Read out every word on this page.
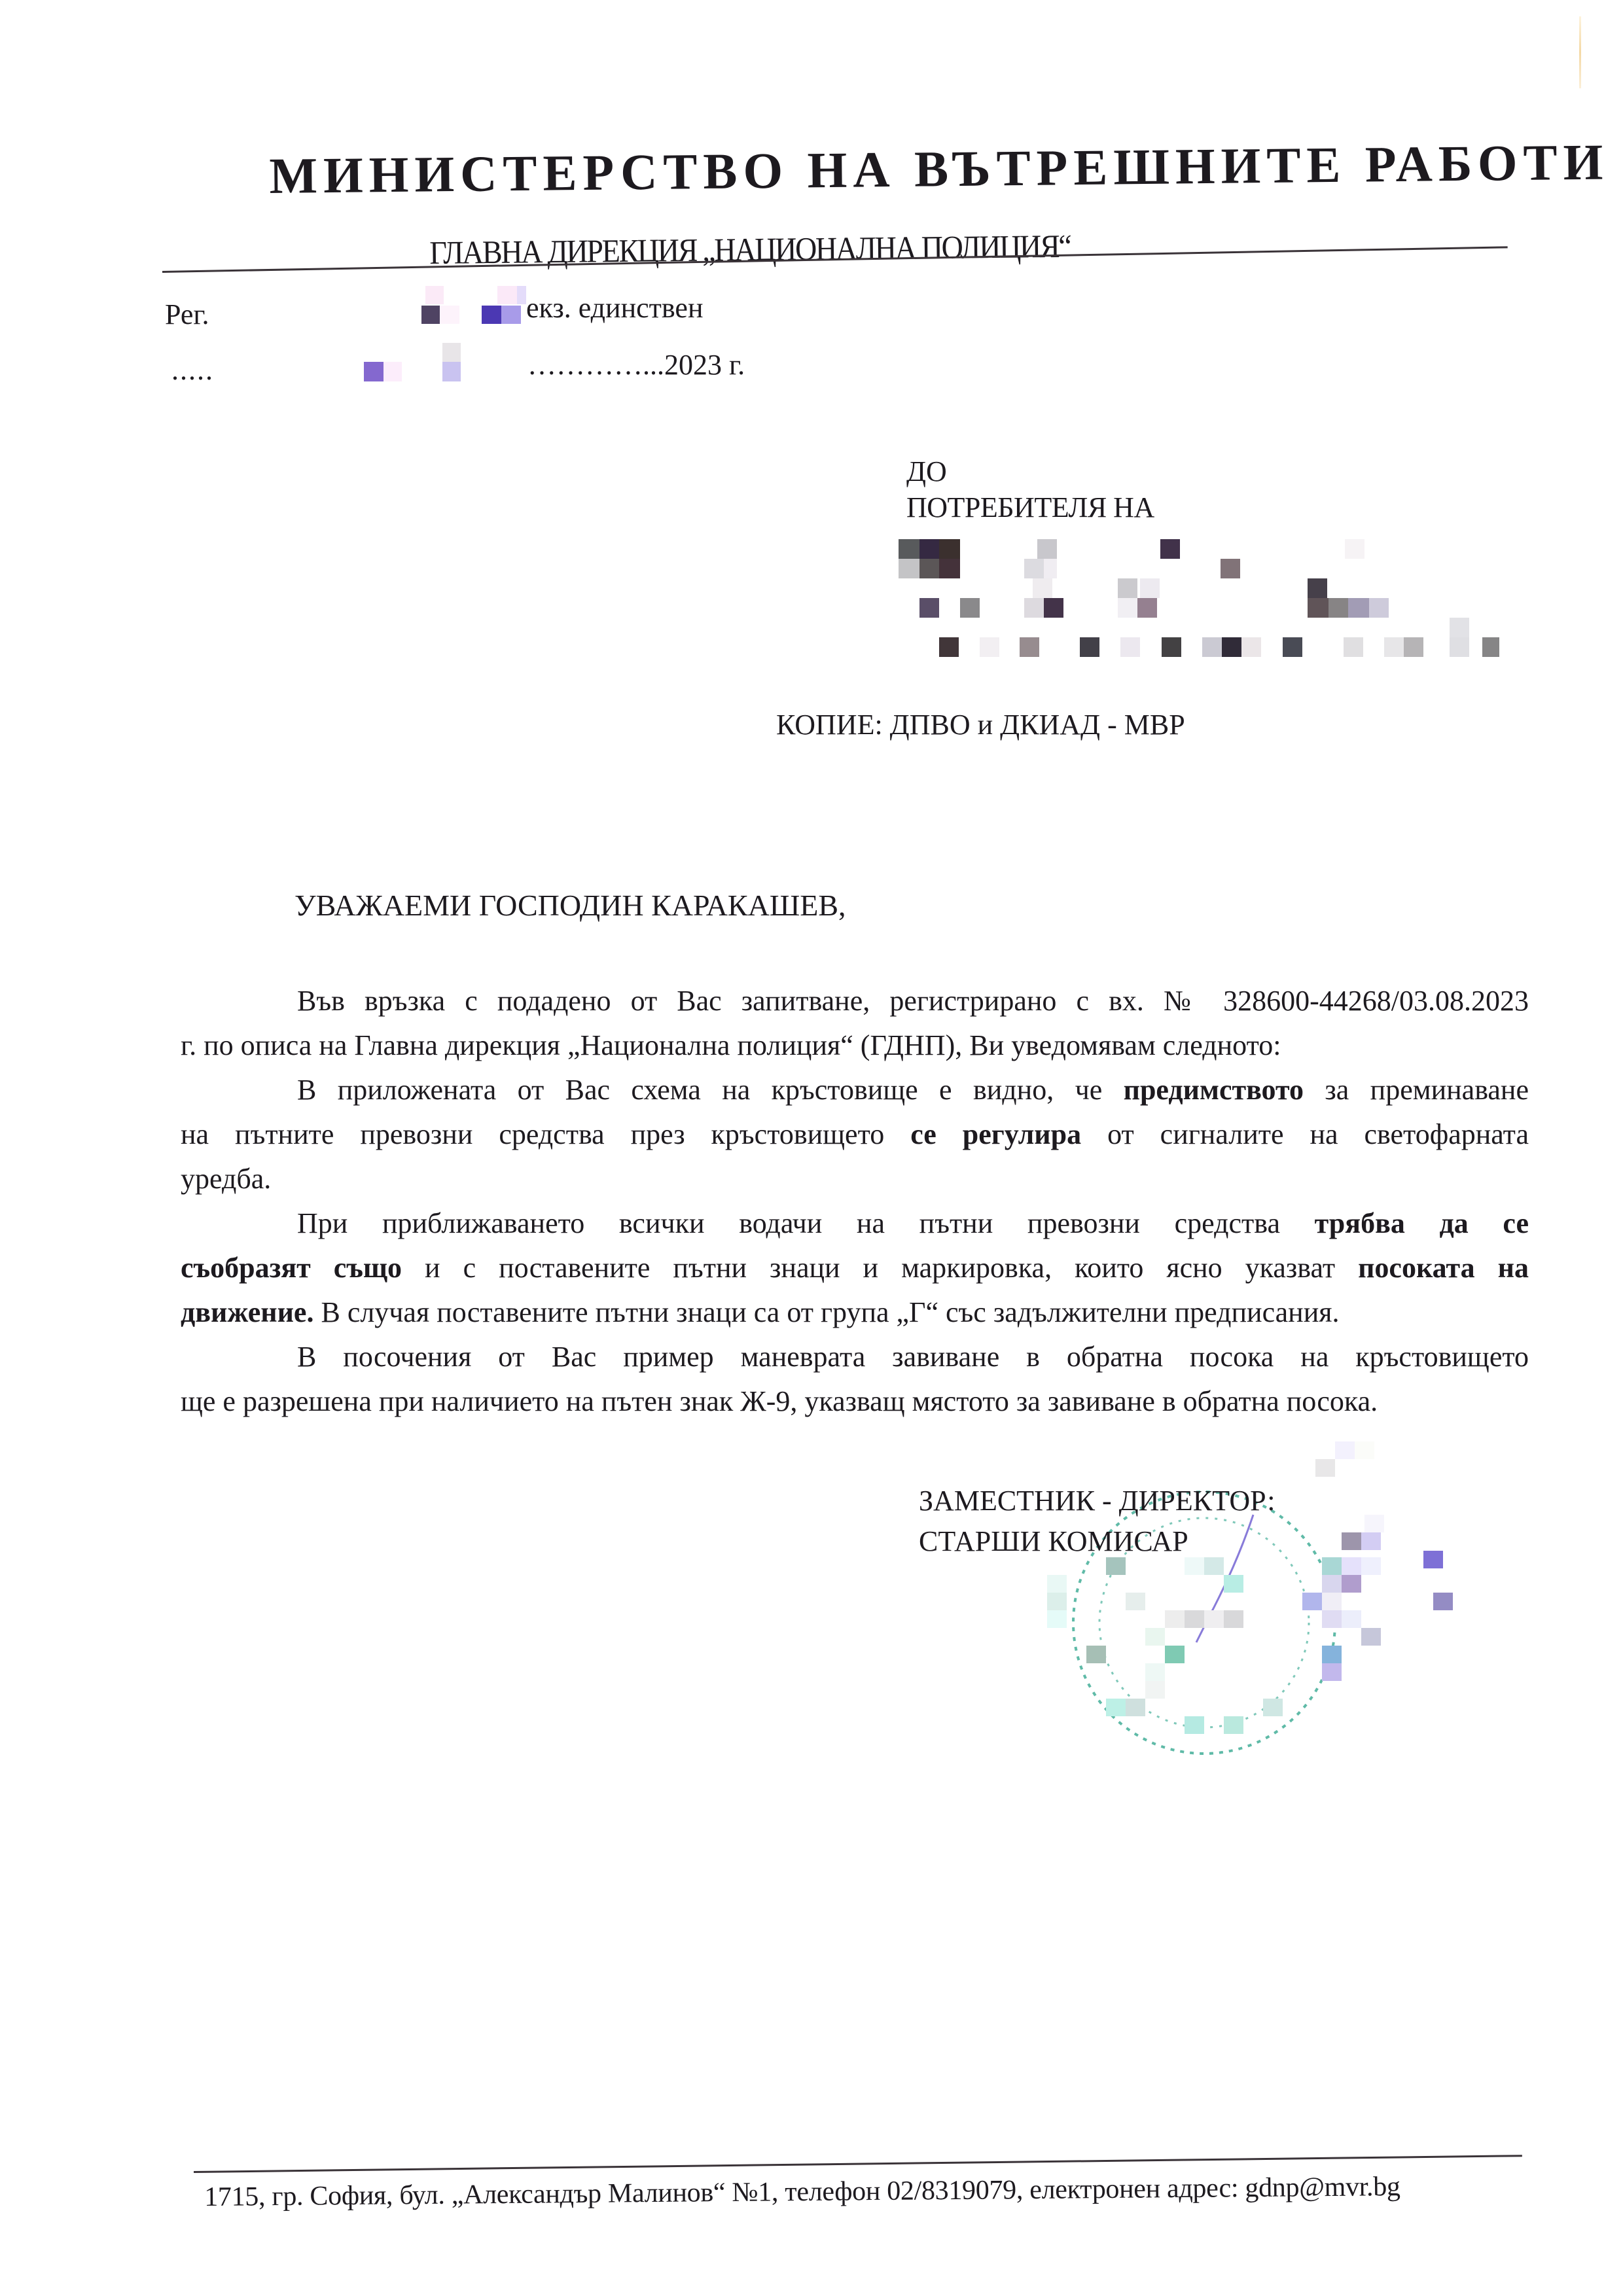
МИНИСТЕРСТВО НА ВЪТРЕШНИТЕ РАБОТИ
ГЛАВНА ДИРЕКЦИЯ „НАЦИОНАЛНА ПОЛИЦИЯ“
Рег.	екз. единствен
.....	…………...2023 г.
ДО
ПОТРЕБИТЕЛЯ НА
КОПИЕ: ДПВО и ДКИАД - МВР
УВАЖАЕМИ ГОСПОДИН КАРАКАШЕВ,
Във връзка с подадено от Вас запитване, регистрирано с вх. № 328600-44268/03.08.2023
г. по описа на Главна дирекция „Национална полиция“ (ГДНП), Ви уведомявам следното:
В приложената от Вас схема на кръстовище е видно, че предимството за преминаване
на пътните превозни средства през кръстовището се регулира от сигналите на светофарната
уредба.
При приближаването всички водачи на пътни превозни средства трябва да се
съобразят също и с поставените пътни знаци и маркировка, които ясно указват посоката на
движение. В случая поставените пътни знаци са от група „Г“ със задължителни предписания.
В посочения от Вас пример маневрата завиване в обратна посока на кръстовището
ще е разрешена при наличието на пътен знак Ж-9, указващ мястото за завиване в обратна посока.
ЗАМЕСТНИК - ДИРЕКТОР:
СТАРШИ КОМИСАР
1715, гр. София, бул. „Александър Малинов“ №1, телефон 02/8319079, електронен адрес: gdnp@mvr.bg
